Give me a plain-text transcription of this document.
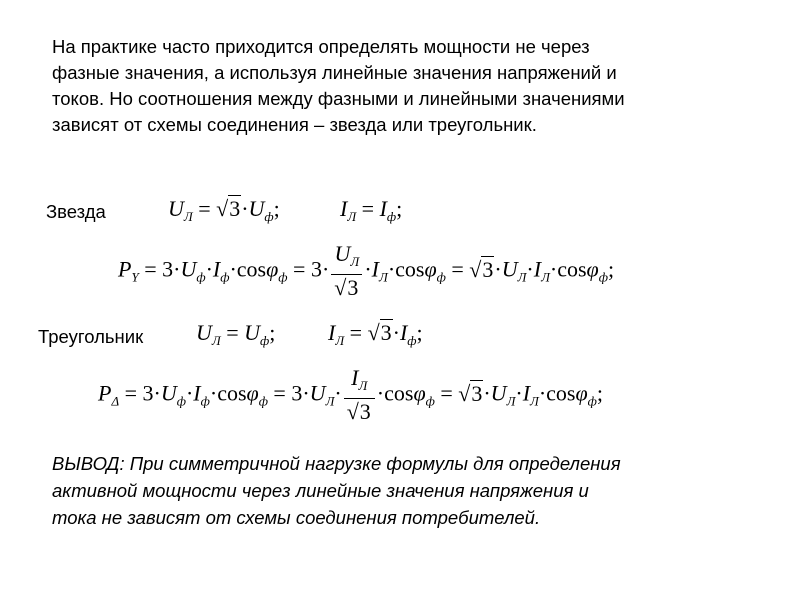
На практике часто приходится определять мощности не через
фазные значения, а используя линейные значения напряжений и
токов. Но соотношения между фазными и линейными значениями
зависят от схемы соединения – звезда или треугольник.
Звезда	$U_Л = √3\cdot U_ф$;	$I_Л = I_ф$;
$P_Y = 3\cdot U_ф\cdot I_ф\cdot\cos\varphi_ф = 3\cdot \frac{U_Л}{√3} \cdot I_Л\cdot\cos\varphi_ф = √3\cdot U_Л\cdot I_Л\cdot\cos\varphi_ф$;
Треугольник $U_Л = U_ф$; $I_Л = √3\cdot I_ф$;
$P_\Delta = 3\cdot U_ф\cdot I_ф\cdot\cos\varphi_ф = 3\cdot U_Л\cdot \frac{I_Л}{√3} \cdot\cos\varphi_ф = √3\cdot U_Л\cdot I_Л\cdot\cos\varphi_ф$;
ВЫВОД: При симметричной нагрузке формулы для определения
активной мощности через линейные значения напряжения и
тока не зависят от схемы соединения потребителей.
